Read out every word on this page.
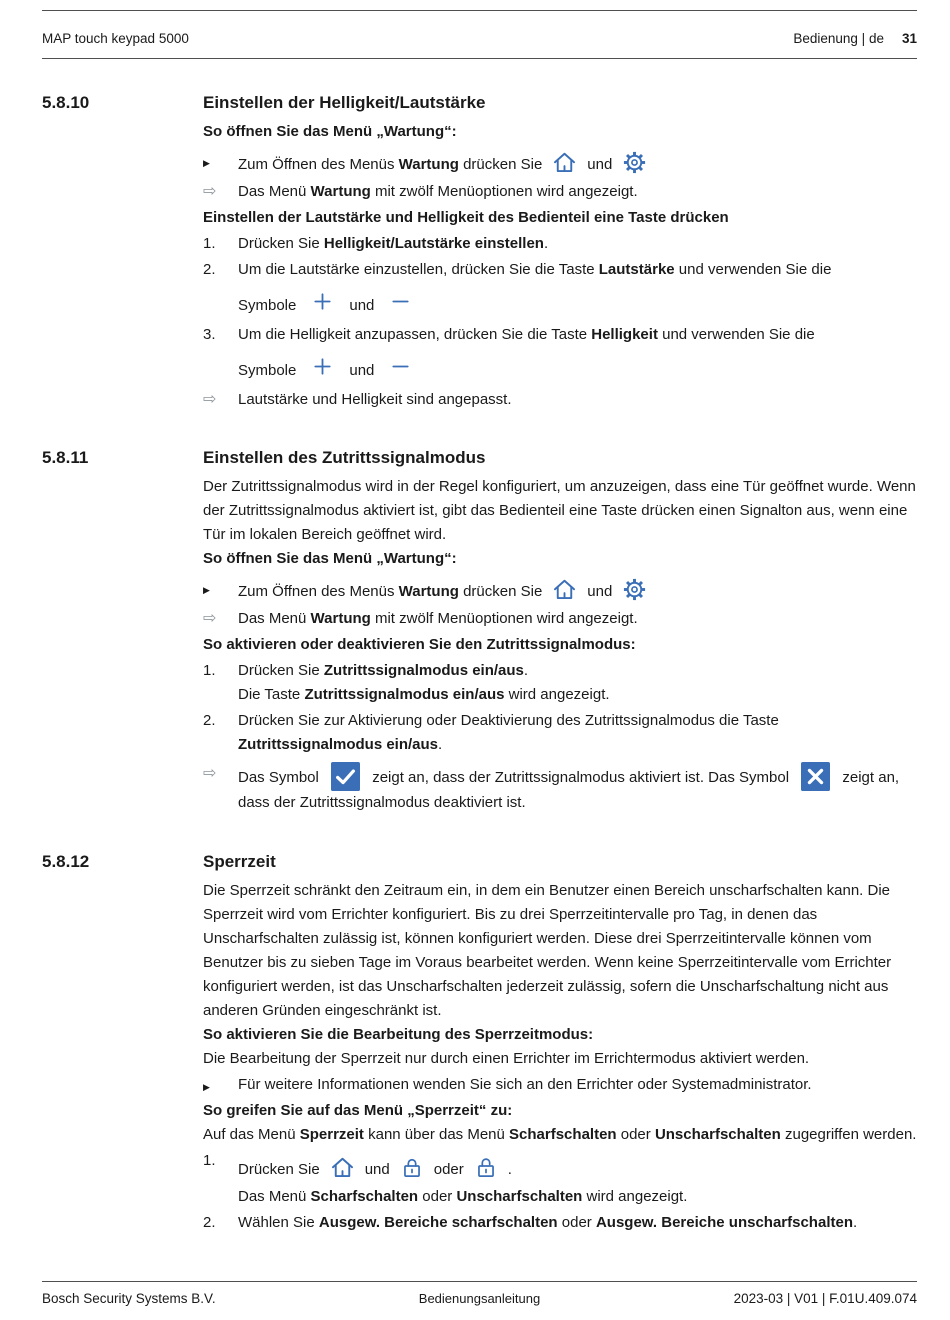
MAP touch keypad 5000	Bedienung | de 31
5.8.10	Einstellen der Helligkeit/Lautstärke

So öffnen Sie das Menü „Wartung“:

▶	Zum Öffnen des Menüs Wartung drücken Sie	und
⇨	Das Menü Wartung mit zwölf Menüoptionen wird angezeigt.

Einstellen der Lautstärke und Helligkeit des Bedienteil eine Taste drücken

1.	Drücken Sie Helligkeit/Lautstärke einstellen.
2.	Um die Lautstärke einzustellen, drücken Sie die Taste Lautstärke und verwenden Sie die
Symbole	und
3.	Um die Helligkeit anzupassen, drücken Sie die Taste Helligkeit und verwenden Sie die
Symbole	und
⇨	Lautstärke und Helligkeit sind angepasst.
5.8.11	Einstellen des Zutrittssignalmodus

Der Zutrittssignalmodus wird in der Regel konfiguriert, um anzuzeigen, dass eine Tür geöffnet wurde. Wenn der Zutrittssignalmodus aktiviert ist, gibt das Bedienteil eine Taste drücken einen Signalton aus, wenn eine Tür im lokalen Bereich geöffnet wird.

So öffnen Sie das Menü „Wartung“:

▶	Zum Öffnen des Menüs Wartung drücken Sie	und
⇨	Das Menü Wartung mit zwölf Menüoptionen wird angezeigt.

So aktivieren oder deaktivieren Sie den Zutrittssignalmodus:

1.	Drücken Sie Zutrittssignalmodus ein/aus.
Die Taste Zutrittssignalmodus ein/aus wird angezeigt.
2.	Drücken Sie zur Aktivierung oder Deaktivierung des Zutrittssignalmodus die Taste Zutrittssignalmodus ein/aus.
⇨	Das Symbol	zeigt an, dass der Zutrittssignalmodus aktiviert ist. Das Symbol	zeigt an, dass der Zutrittssignalmodus deaktiviert ist.
5.8.12	Sperrzeit

Die Sperrzeit schränkt den Zeitraum ein, in dem ein Benutzer einen Bereich unscharfschalten kann. Die Sperrzeit wird vom Errichter konfiguriert. Bis zu drei Sperrzeitintervalle pro Tag, in denen das Unscharfschalten zulässig ist, können konfiguriert werden. Diese drei Sperrzeitintervalle können vom Benutzer bis zu sieben Tage im Voraus bearbeitet werden. Wenn keine Sperrzeitintervalle vom Errichter konfiguriert werden, ist das Unscharfschalten jederzeit zulässig, sofern die Unscharfschaltung nicht aus anderen Gründen eingeschränkt ist.

So aktivieren Sie die Bearbeitung des Sperrzeitmodus:

Die Bearbeitung der Sperrzeit nur durch einen Errichter im Errichtermodus aktiviert werden.

▶	Für weitere Informationen wenden Sie sich an den Errichter oder Systemadministrator.

So greifen Sie auf das Menü „Sperrzeit“ zu:

Auf das Menü Sperrzeit kann über das Menü Scharfschalten oder Unscharfschalten zugegriffen werden.

1.
Drücken Sie	und	oder	.
Das Menü Scharfschalten oder Unscharfschalten wird angezeigt.
2.	Wählen Sie Ausgew. Bereiche scharfschalten oder Ausgew. Bereiche unscharfschalten.
Bosch Security Systems B.V.	Bedienungsanleitung	2023-03 | V01 | F.01U.409.074
